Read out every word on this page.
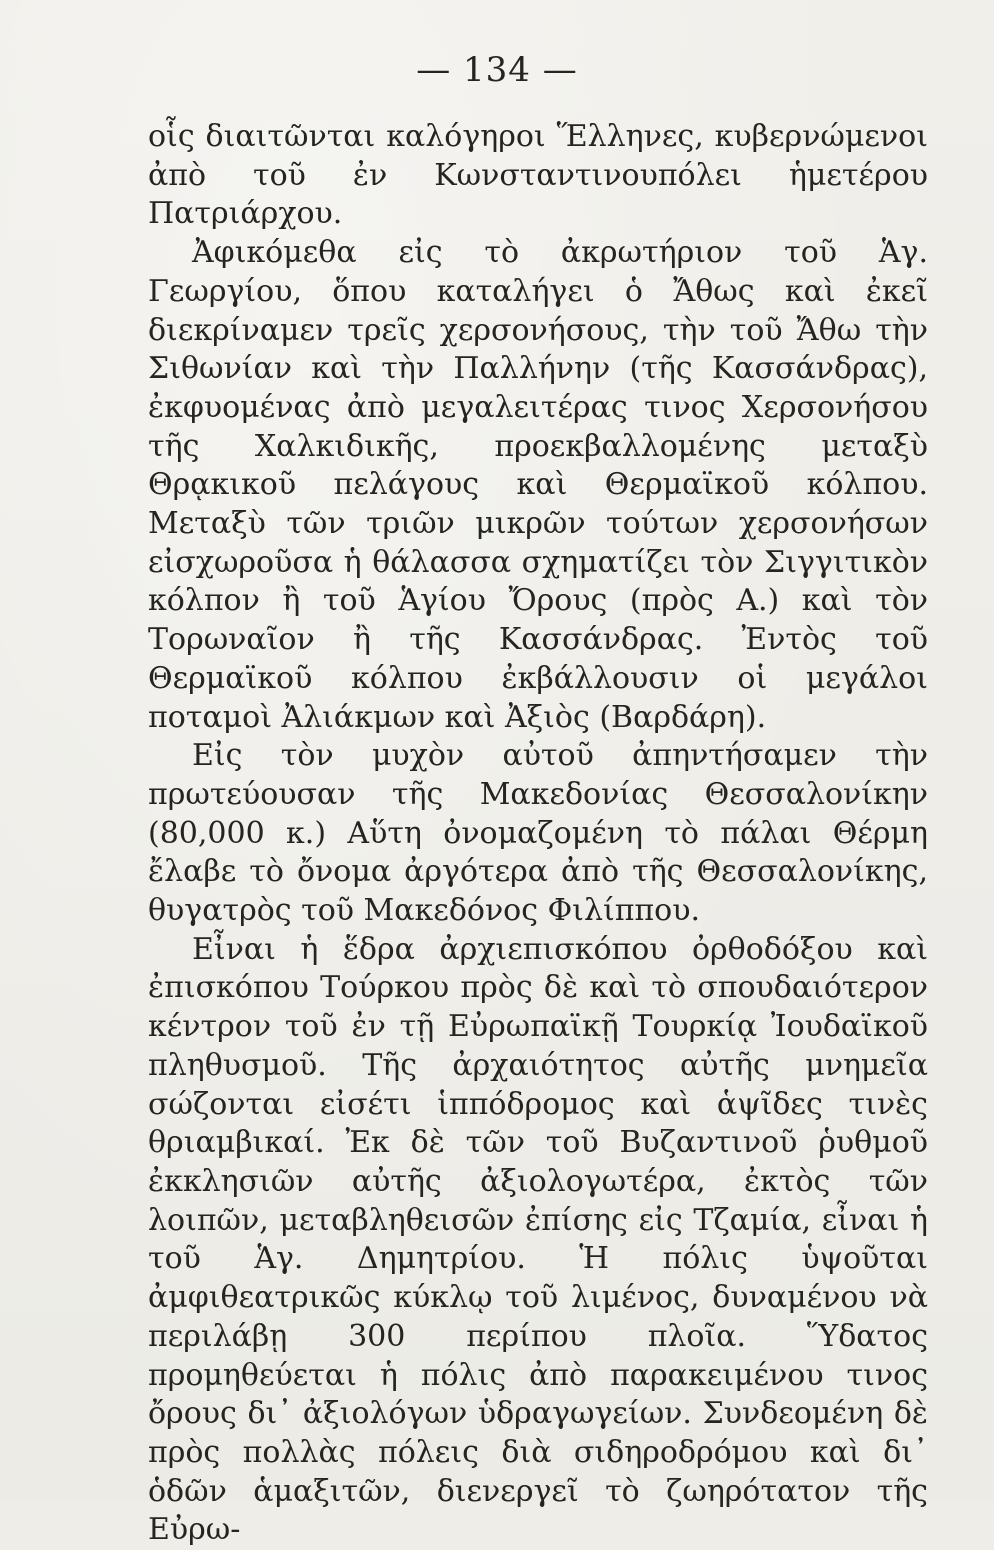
— 134 —

οἷς διαιτῶνται καλόγηροι Ἕλληνες, κυβερνώμενοι ἀπὸ τοῦ ἐν Κωνσταντινουπόλει ἡμετέρου Πατριάρχου.

Ἀφικόμεθα εἰς τὸ ἀκρωτήριον τοῦ Ἁγ. Γεωργίου, ὅπου καταλήγει ὁ Ἄθως καὶ ἐκεῖ διεκρίναμεν τρεῖς χερσονήσους, τὴν τοῦ Ἄθω τὴν Σιθωνίαν καὶ τὴν Παλλήνην (τῆς Κασσάνδρας), ἐκφυομένας ἀπὸ μεγαλειτέρας τινος Χερσονήσου τῆς Χαλκιδικῆς, προεκβαλλομένης μεταξὺ Θρᾳκικοῦ πελάγους καὶ Θερμαϊκοῦ κόλπου. Μεταξὺ τῶν τριῶν μικρῶν τούτων χερσονήσων εἰσχωροῦσα ἡ θάλασσα σχηματίζει τὸν Σιγγιτικὸν κόλπον ἢ τοῦ Ἁγίου Ὄρους (πρὸς Α.) καὶ τὸν Τορωναῖον ἢ τῆς Κασσάνδρας. Ἐντὸς τοῦ Θερμαϊκοῦ κόλπου ἐκβάλλουσιν οἱ μεγάλοι ποταμοὶ Ἀλιάκμων καὶ Ἀξιὸς (Βαρδάρη).

Εἰς τὸν μυχὸν αὐτοῦ ἀπηντήσαμεν τὴν πρωτεύουσαν τῆς Μακεδονίας Θεσσαλονίκην (80,000 κ.) Αὕτη ὀνομαζομένη τὸ πάλαι Θέρμη ἔλαβε τὸ ὄνομα ἀργότερα ἀπὸ τῆς Θεσσαλονίκης, θυγατρὸς τοῦ Μακεδόνος Φιλίππου.

Εἶναι ἡ ἕδρα ἀρχιεπισκόπου ὀρθοδόξου καὶ ἐπισκόπου Τούρκου πρὸς δὲ καὶ τὸ σπουδαιότερον κέντρον τοῦ ἐν τῇ Εὐρωπαϊκῇ Τουρκίᾳ Ἰουδαϊκοῦ πληθυσμοῦ. Τῆς ἀρχαιότητος αὐτῆς μνημεῖα σώζονται εἰσέτι ἱππόδρομος καὶ ἁψῖδες τινὲς θριαμβικαί. Ἐκ δὲ τῶν τοῦ Βυζαντινοῦ ῥυθμοῦ ἐκκλησιῶν αὐτῆς ἀξιολογωτέρα, ἐκτὸς τῶν λοιπῶν, μεταβληθεισῶν ἐπίσης εἰς Τζαμία, εἶναι ἡ τοῦ Ἁγ. Δημητρίου. Ἡ πόλις ὑψοῦται ἀμφιθεατρικῶς κύκλῳ τοῦ λιμένος, δυναμένου νὰ περιλάβῃ 300 περίπου πλοῖα. Ὕδατος προμηθεύεται ἡ πόλις ἀπὸ παρακειμένου τινος ὄρους δι᾽ ἀξιολόγων ὑδραγωγείων. Συνδεομένη δὲ πρὸς πολλὰς πόλεις διὰ σιδηροδρόμου καὶ δι᾽ ὁδῶν ἁμαξιτῶν, διενεργεῖ τὸ ζωηρότατον τῆς Εὐρω-
